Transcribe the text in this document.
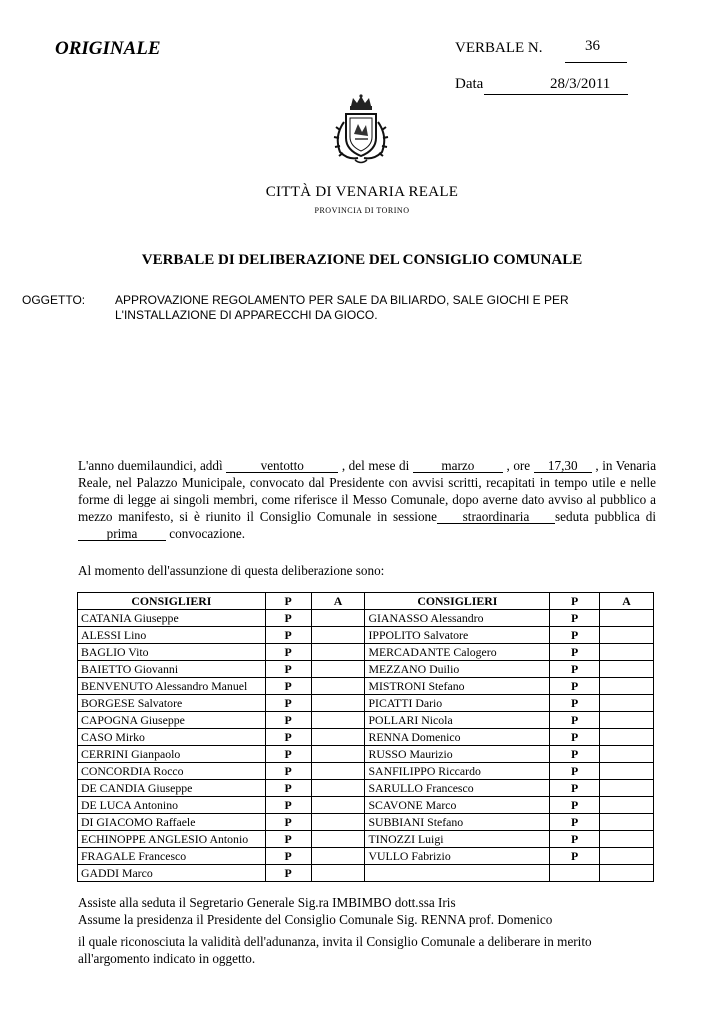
ORIGINALE	VERBALE N.	36
Data	28/3/2011
CITTÀ DI VENARIA REALE
PROVINCIA DI TORINO
VERBALE DI DELIBERAZIONE DEL CONSIGLIO COMUNALE
OGGETTO: APPROVAZIONE REGOLAMENTO PER SALE DA BILIARDO, SALE GIOCHI E PER
L'INSTALLAZIONE DI APPARECCHI DA GIOCO.
L'anno duemilaundici, addì	ventotto	, del mese di marzo , ore 17,30 , in Venaria Reale, nel Palazzo Municipale, convocato dal Presidente con avvisi scritti, recapitati in tempo utile e nelle forme di legge ai singoli membri, come riferisce il Messo Comunale, dopo averne dato avviso al pubblico a mezzo manifesto, si è riunito il Consiglio Comunale in sessione straordinaria seduta pubblica diprima convocazione.
Al momento dell'assunzione di questa deliberazione sono:
CONSIGLIERI	P	A	CONSIGLIERI	P	A
CATANIA Giuseppe	P		GIANASSO Alessandro	P	
ALESSI Lino	P		IPPOLITO Salvatore	P	
BAGLIO Vito	P		MERCADANTE Calogero	P	
BAIETTO Giovanni	P		MEZZANO Duilio	P	
BENVENUTO Alessandro Manuel	P		MISTRONI Stefano	P	
BORGESE Salvatore	P		PICATTI Dario	P	
CAPOGNA Giuseppe	P		POLLARI Nicola	P	
CASO Mirko	P		RENNA Domenico	P	
CERRINI Gianpaolo	P		RUSSO Maurizio	P	
CONCORDIA Rocco	P		SANFILIPPO Riccardo	P	
DE CANDIA Giuseppe	P		SARULLO Francesco	P	
DE LUCA Antonino	P		SCAVONE Marco	P	
DI GIACOMO Raffaele	P		SUBBIANI Stefano	P	
ECHINOPPE ANGLESIO Antonio	P		TINOZZI Luigi	P	
FRAGALE Francesco	P		VULLO Fabrizio	P	
GADDI Marco	P				

Assiste alla seduta il Segretario Generale Sig.ra IMBIMBO dott.ssa Iris

Assume la presidenza il Presidente del Consiglio Comunale Sig. RENNA prof. Domenico

il quale riconosciuta la validità dell'adunanza, invita il Consiglio Comunale a deliberare in merito all'argomento indicato in oggetto.
